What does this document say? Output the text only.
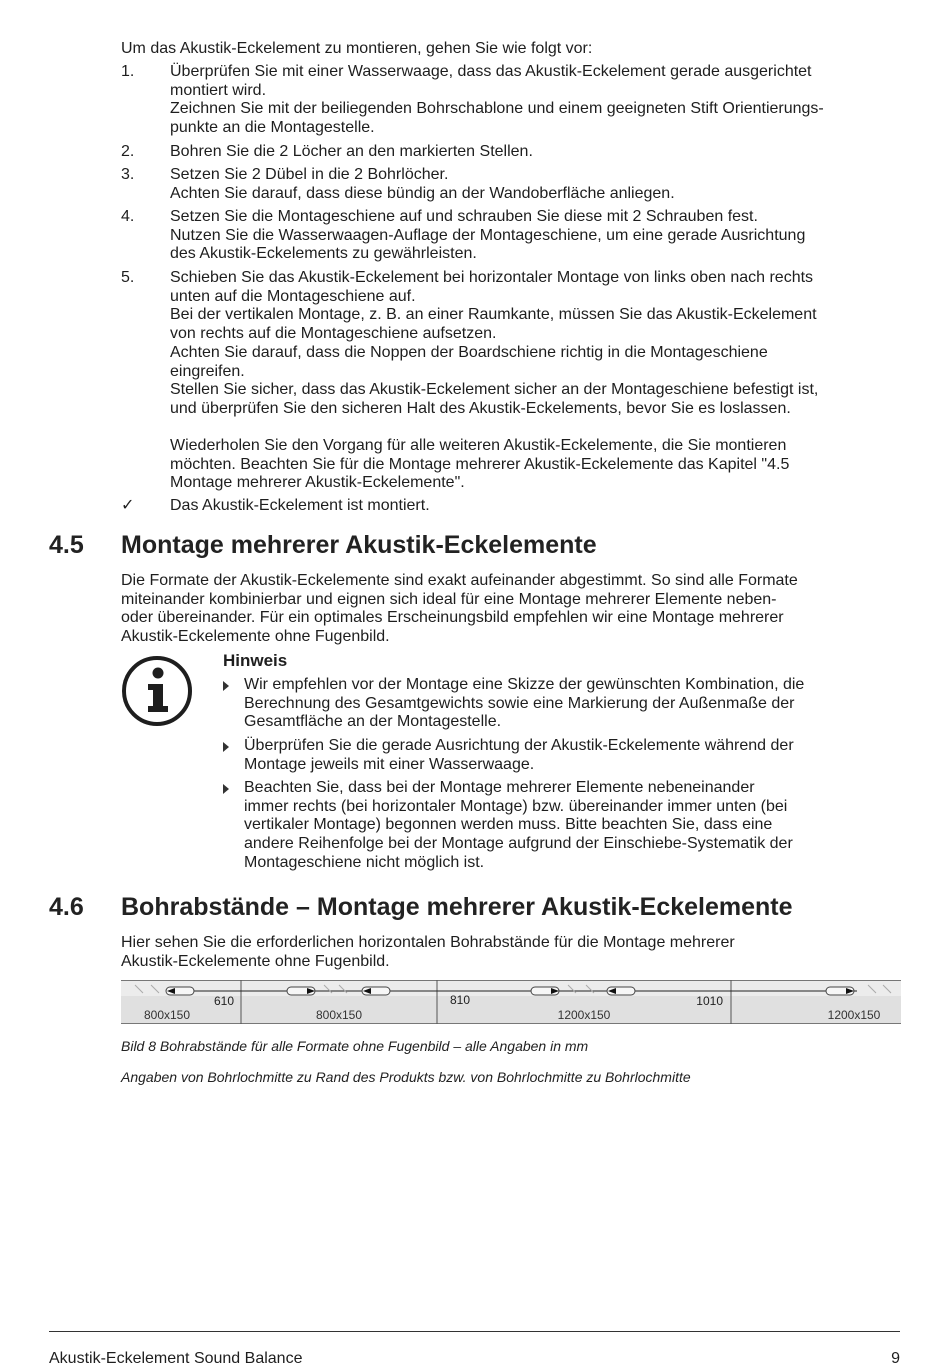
Um das Akustik-Eckelement zu montieren, gehen Sie wie folgt vor:

1. Überprüfen Sie mit einer Wasserwaage, dass das Akustik-Eckelement gerade ausgerichtet
montiert wird.
Zeichnen Sie mit der beiliegenden Bohrschablone und einem geeigneten Stift Orientierungs-
punkte an die Montagestelle.
2. Bohren Sie die 2 Löcher an den markierten Stellen.
3. Setzen Sie 2 Dübel in die 2 Bohrlöcher.
Achten Sie darauf, dass diese bündig an der Wandoberfläche anliegen.
4. Setzen Sie die Montageschiene auf und schrauben Sie diese mit 2 Schrauben fest.
Nutzen Sie die Wasserwaagen-Auflage der Montageschiene, um eine gerade Ausrichtung
des Akustik-Eckelements zu gewährleisten.
5. Schieben Sie das Akustik-Eckelement bei horizontaler Montage von links oben nach rechts
unten auf die Montageschiene auf.
Bei der vertikalen Montage, z. B. an einer Raumkante, müssen Sie das Akustik-Eckelement
von rechts auf die Montageschiene aufsetzen.
Achten Sie darauf, dass die Noppen der Boardschiene richtig in die Montageschiene
eingreifen.
Stellen Sie sicher, dass das Akustik-Eckelement sicher an der Montageschiene befestigt ist,
und überprüfen Sie den sicheren Halt des Akustik-Eckelements, bevor Sie es loslassen.
Wiederholen Sie den Vorgang für alle weiteren Akustik-Eckelemente, die Sie montieren
möchten. Beachten Sie für die Montage mehrerer Akustik-Eckelemente das Kapitel "4.5
Montage mehrerer Akustik-Eckelemente".
✓ Das Akustik-Eckelement ist montiert.

4.5 Montage mehrerer Akustik-Eckelemente
Die Formate der Akustik-Eckelemente sind exakt aufeinander abgestimmt. So sind alle Formate
miteinander kombinierbar und eignen sich ideal für eine Montage mehrerer Elemente neben-
oder übereinander. Für ein optimales Erscheinungsbild empfehlen wir eine Montage mehrerer
Akustik-Eckelemente ohne Fugenbild.
Hinweis
Wir empfehlen vor der Montage eine Skizze der gewünschten Kombination, die
Berechnung des Gesamtgewichts sowie eine Markierung der Außenmaße der
Gesamtfläche an der Montagestelle.
Überprüfen Sie die gerade Ausrichtung der Akustik-Eckelemente während der
Montage jeweils mit einer Wasserwaage.
Beachten Sie, dass bei der Montage mehrerer Elemente nebeneinander
immer rechts (bei horizontaler Montage) bzw. übereinander immer unten (bei
vertikaler Montage) begonnen werden muss. Bitte beachten Sie, dass eine
andere Reihenfolge bei der Montage aufgrund der Einschiebe-Systematik der
Montageschiene nicht möglich ist.
4.6 Bohrabstände – Montage mehrerer Akustik-Eckelemente
Hier sehen Sie die erforderlichen horizontalen Bohrabstände für die Montage mehrerer
Akustik-Eckelemente ohne Fugenbild.
610	810	1010
800x150	800x150	1200x150	1200x150
Bild 8 Bohrabstände für alle Formate ohne Fugenbild – alle Angaben in mm
Angaben von Bohrlochmitte zu Rand des Produkts bzw. von Bohrlochmitte zu Bohrlochmitte
Akustik-Eckelement Sound Balance	9
